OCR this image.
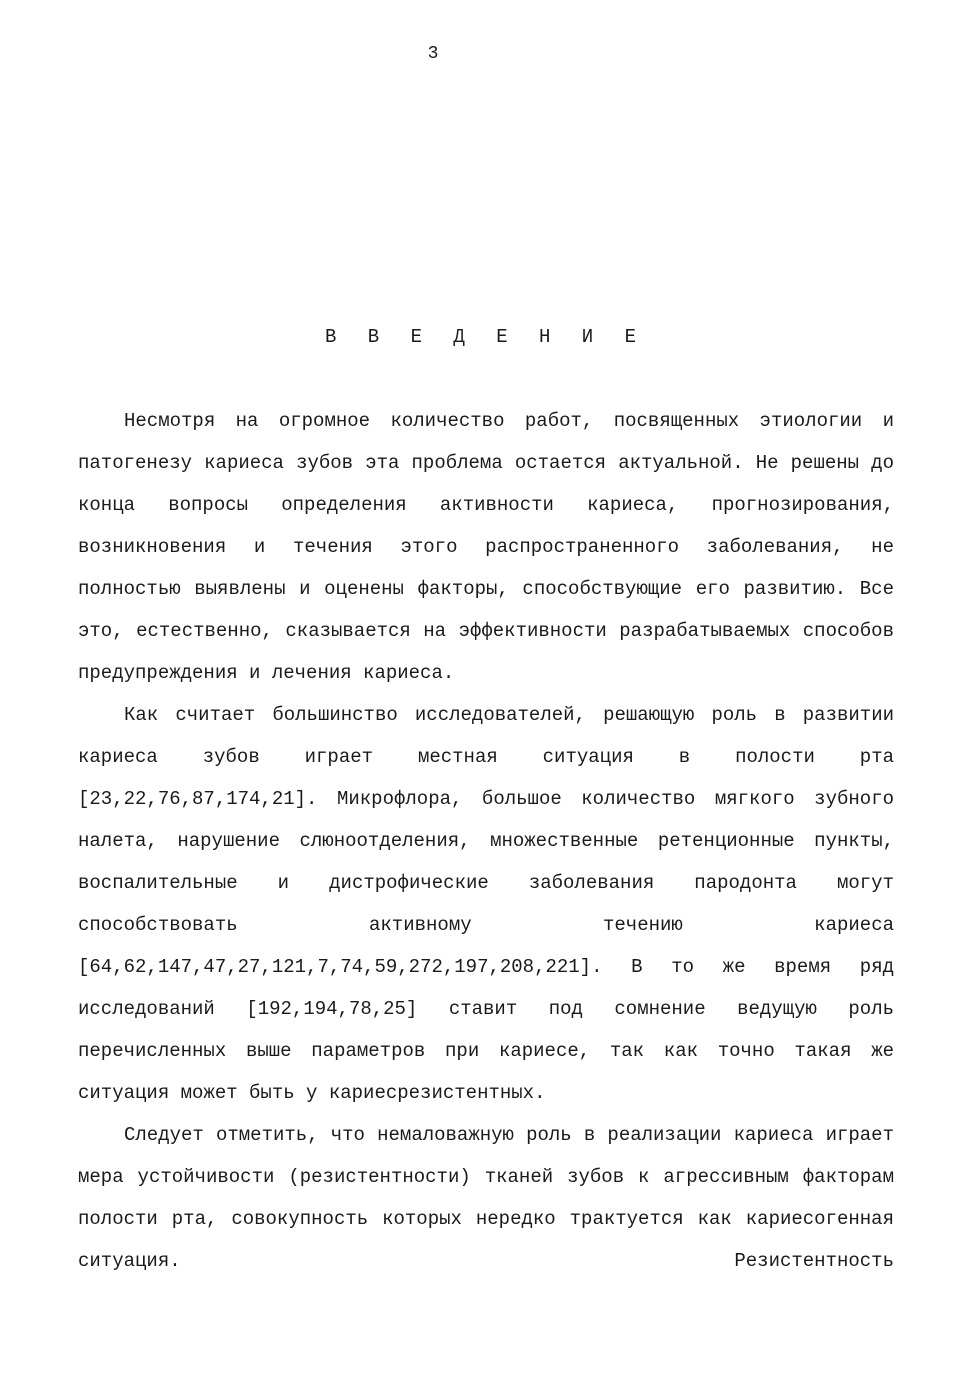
3
В В Е Д Е Н И Е

Несмотря на огромное количество работ, посвященных этиологии и патогенезу кариеса зубов эта проблема остается актуальной. Не решены до конца вопросы определения активности кариеса, прогнозирования, возникновения и течения этого распространенного заболевания, не полностью выявлены и оценены факторы, способствующие его развитию. Все это, естественно, сказывается на эффективности разрабатываемых способов предупреждения и лечения кариеса.

Как считает большинство исследователей, решающую роль в развитии кариеса зубов играет местная ситуация в полости рта [23,22,76,87,174,21]. Микрофлора, большое количество мягкого зубного налета, нарушение слюноотделения, множественные ретенционные пункты, воспалительные и дистрофические заболевания пародонта могут способствовать активному течению кариеса [64,62,147,47,27,121,7,74,59,272,197,208,221]. В то же время ряд исследований [192,194,78,25] ставит под сомнение ведущую роль перечисленных выше параметров при кариесе, так как точно такая же ситуация может быть у кариесрезистентных.

Следует отметить, что немаловажную роль в реализации кариеса играет мера устойчивости (резистентности) тканей зубов к агрессивным факторам полости рта, совокупность которых нередко трактуется как кариесогенная ситуация. Резистентность
